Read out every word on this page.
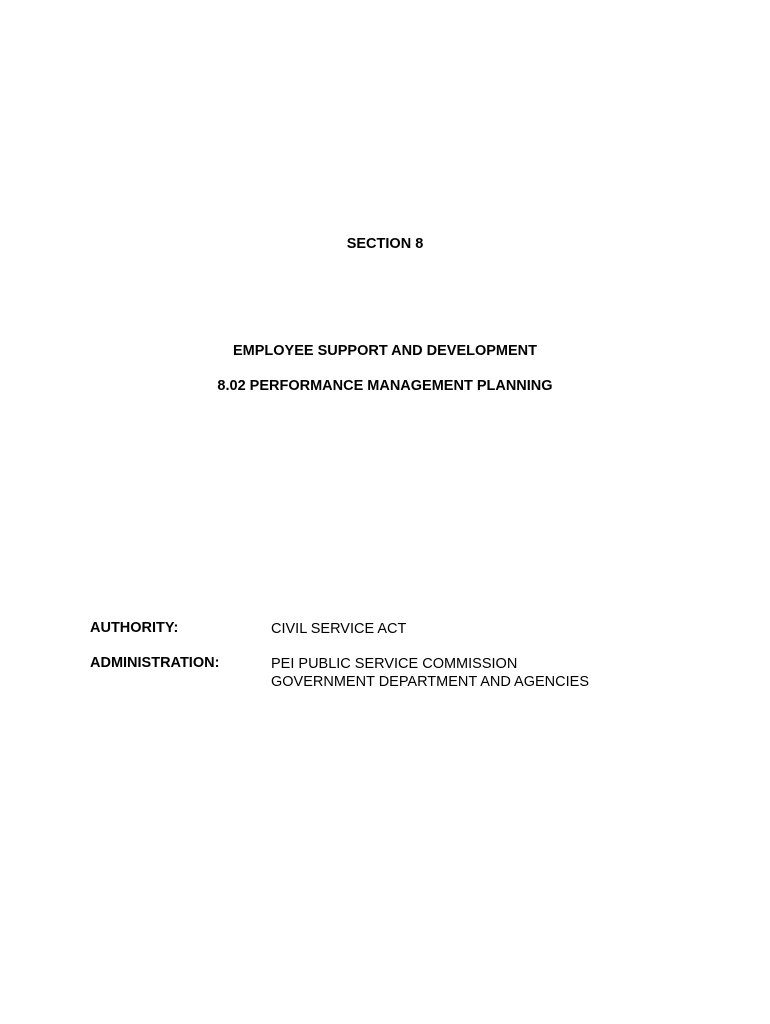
SECTION 8
EMPLOYEE SUPPORT AND DEVELOPMENT
8.02 PERFORMANCE MANAGEMENT PLANNING
AUTHORITY:	CIVIL SERVICE ACT
ADMINISTRATION:	PEI PUBLIC SERVICE COMMISSION
GOVERNMENT DEPARTMENT AND AGENCIES
